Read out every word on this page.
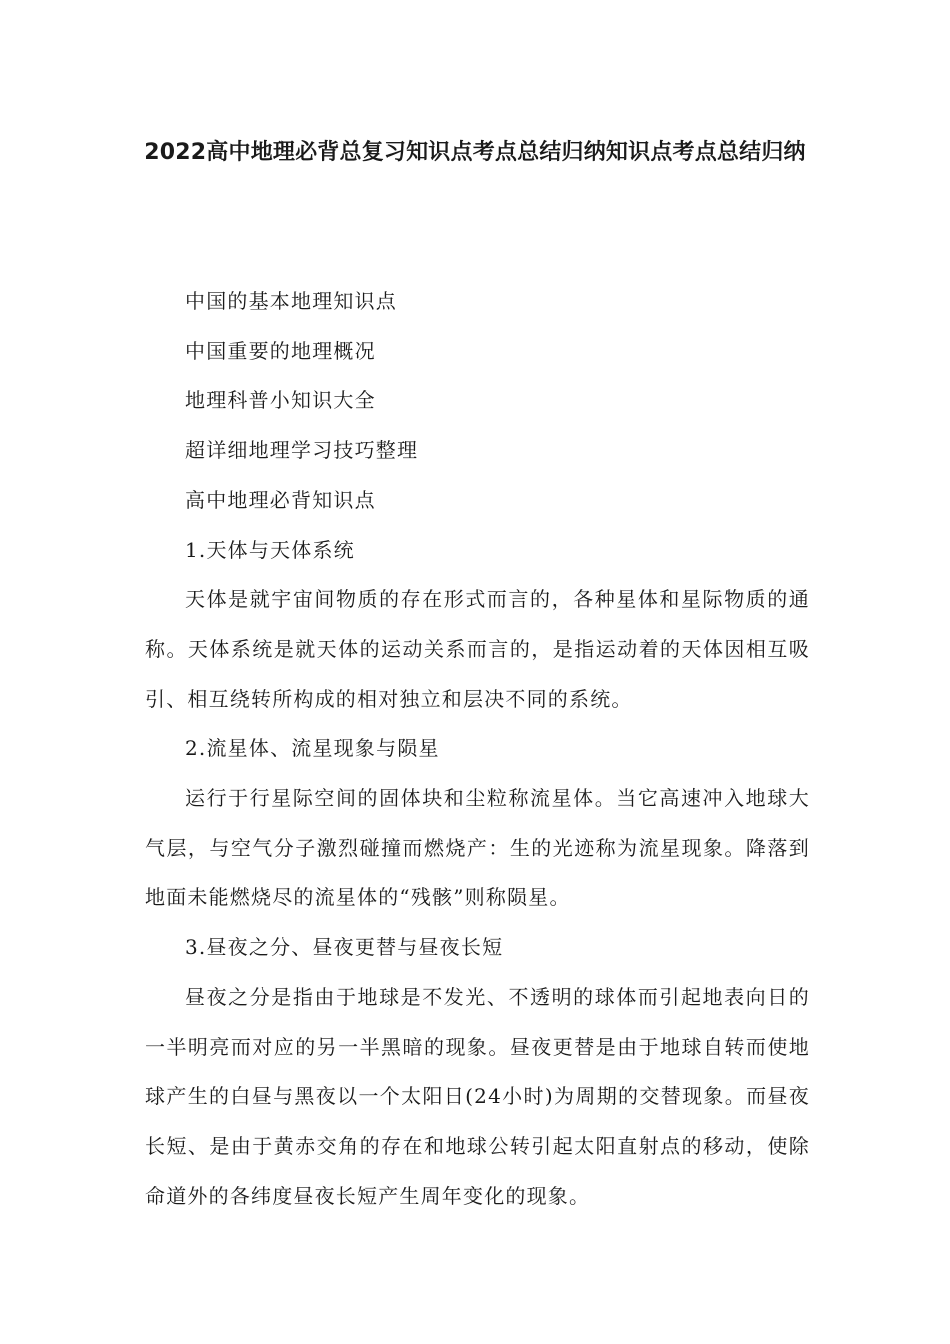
2022高中地理必背总复习知识点考点总结归纳知识点考点总结归纳

中国的基本地理知识点

中国重要的地理概况

地理科普小知识大全

超详细地理学习技巧整理

高中地理必背知识点

1.天体与天体系统

天体是就宇宙间物质的存在形式而言的，各种星体和星际物质的通称。天体系统是就天体的运动关系而言的，是指运动着的天体因相互吸引、相互绕转所构成的相对独立和层决不同的系统。

2.流星体、流星现象与陨星

运行于行星际空间的固体块和尘粒称流星体。当它高速冲入地球大气层，与空气分子激烈碰撞而燃烧产：生的光迹称为流星现象。降落到地面未能燃烧尽的流星体的“残骸”则称陨星。

3.昼夜之分、昼夜更替与昼夜长短

昼夜之分是指由于地球是不发光、不透明的球体而引起地表向日的一半明亮而对应的另一半黑暗的现象。昼夜更替是由于地球自转而使地球产生的白昼与黑夜以一个太阳日(24小时)为周期的交替现象。而昼夜长短、是由于黄赤交角的存在和地球公转引起太阳直射点的移动，使除命道外的各纬度昼夜长短产生周年变化的现象。
